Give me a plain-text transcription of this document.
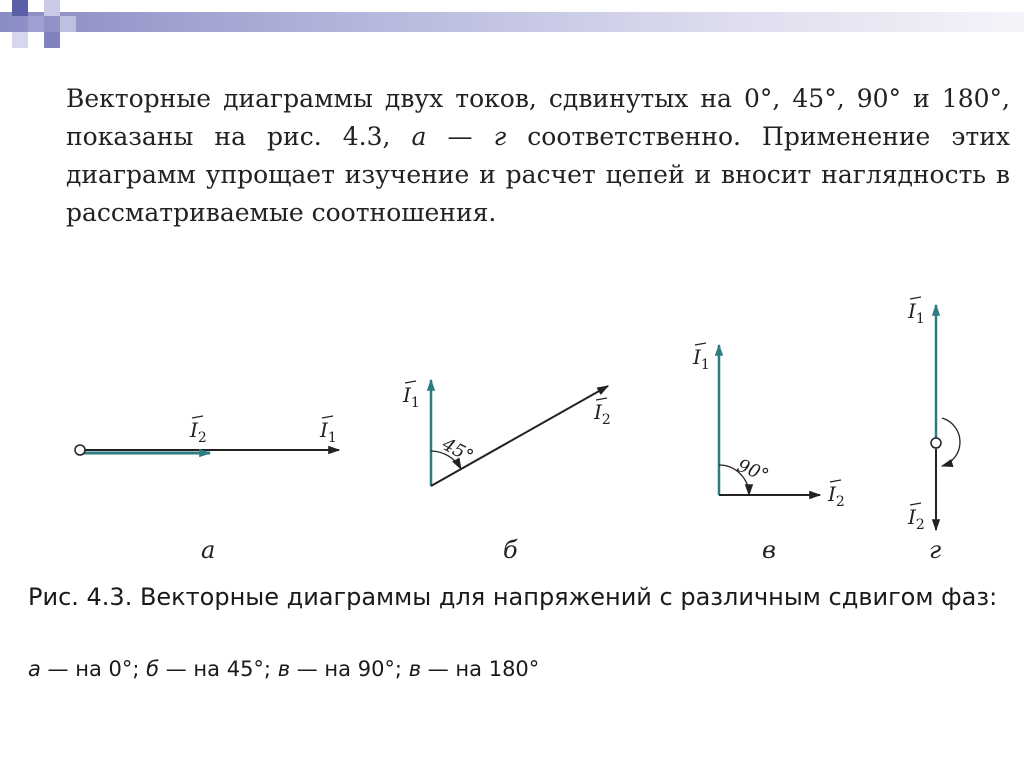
Векторные диаграммы двух токов, сдвинутых на 0°, 45°, 90° и 180°, показаны на рис. 4.3, а — г соответственно. Применение этих диаграмм упрощает изучение и расчет цепей и вносит наглядность в рассматриваемые соотношения.

$I_2$	$I_1$
а
$I_1$	$I_2$
45°
б
$I_1$
$I_2$
90°
в
$I_1$
$I_2$
г

Рис. 4.3. Векторные диаграммы для напряжений с различным сдвигом фаз:

а — на 0°; б — на 45°; в — на 90°; в — на 180°
